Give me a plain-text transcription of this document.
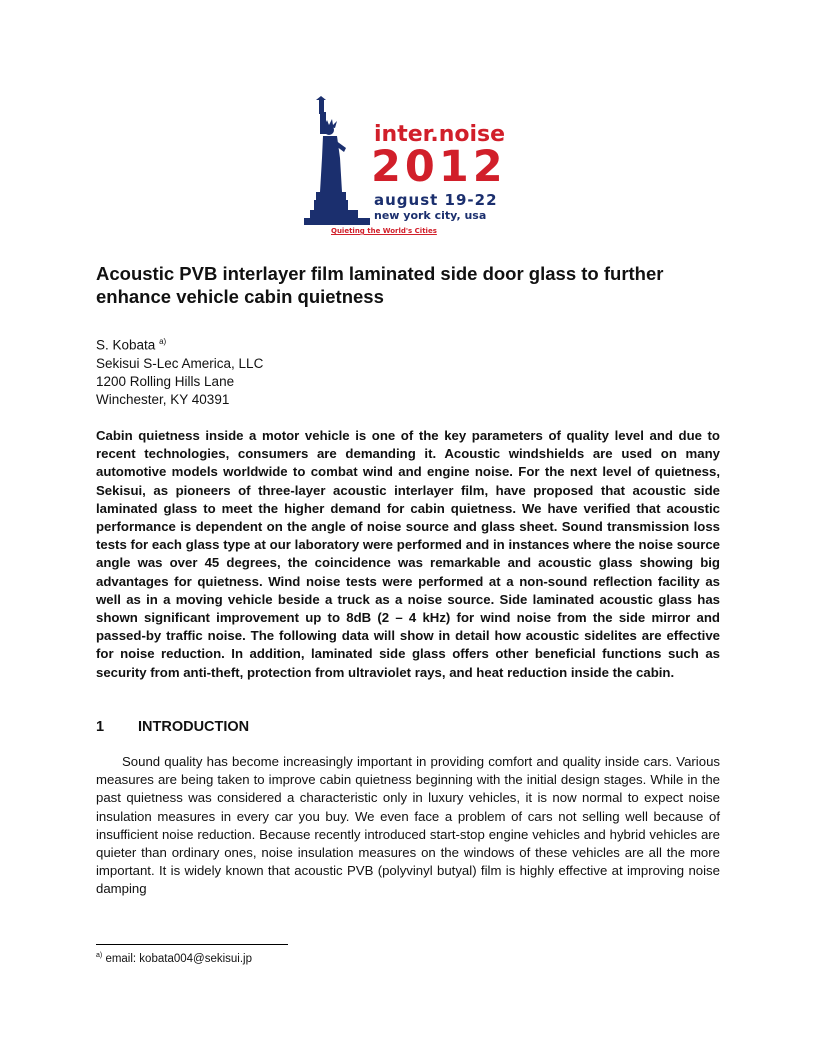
inter.noise
2012
august 19-22
new york city, usa
Quieting the World's Cities
Acoustic PVB interlayer film laminated side door glass to further enhance vehicle cabin quietness
S. Kobata $^{a)}$
Sekisui S-Lec America, LLC
1200 Rolling Hills Lane
Winchester, KY 40391

Cabin quietness inside a motor vehicle is one of the key parameters of quality level and due to recent technologies, consumers are demanding it. Acoustic windshields are used on many automotive models worldwide to combat wind and engine noise. For the next level of quietness, Sekisui, as pioneers of three-layer acoustic interlayer film, have proposed that acoustic side laminated glass to meet the higher demand for cabin quietness. We have verified that acoustic performance is dependent on the angle of noise source and glass sheet. Sound transmission loss tests for each glass type at our laboratory were performed and in instances where the noise source angle was over 45 degrees, the coincidence was remarkable and acoustic glass showing big advantages for quietness. Wind noise tests were performed at a non-sound reflection facility as well as in a moving vehicle beside a truck as a noise source. Side laminated acoustic glass has shown significant improvement up to 8dB (2 – 4 kHz) for wind noise from the side mirror and passed-by traffic noise. The following data will show in detail how acoustic sidelites are effective for noise reduction. In addition, laminated side glass offers other beneficial functions such as security from anti-theft, protection from ultraviolet rays, and heat reduction inside the cabin.

1 INTRODUCTION

Sound quality has become increasingly important in providing comfort and quality inside cars. Various measures are being taken to improve cabin quietness beginning with the initial design stages. While in the past quietness was considered a characteristic only in luxury vehicles, it is now normal to expect noise insulation measures in every car you buy. We even face a problem of cars not selling well because of insufficient noise reduction. Because recently introduced start-stop engine vehicles and hybrid vehicles are quieter than ordinary ones, noise insulation measures on the windows of these vehicles are all the more important. It is widely known that acoustic PVB (polyvinyl butyal) film is highly effective at improving noise damping

$^{a)}$ email: kobata004@sekisui.jp
